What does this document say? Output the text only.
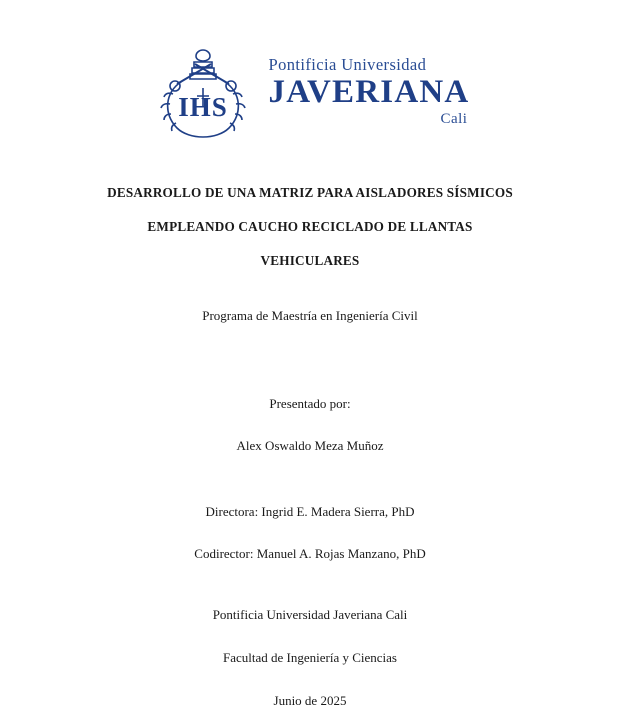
IHS
Pontificia Universidad
JAVERIANA
Cali
DESARROLLO DE UNA MATRIZ PARA AISLADORES SÍSMICOS
EMPLEANDO CAUCHO RECICLADO DE LLANTAS
VEHICULARES
Programa de Maestría en Ingeniería Civil
Presentado por:
Alex Oswaldo Meza Muñoz
Directora: Ingrid E. Madera Sierra, PhD
Codirector: Manuel A. Rojas Manzano, PhD
Pontificia Universidad Javeriana Cali
Facultad de Ingeniería y Ciencias
Junio de 2025
